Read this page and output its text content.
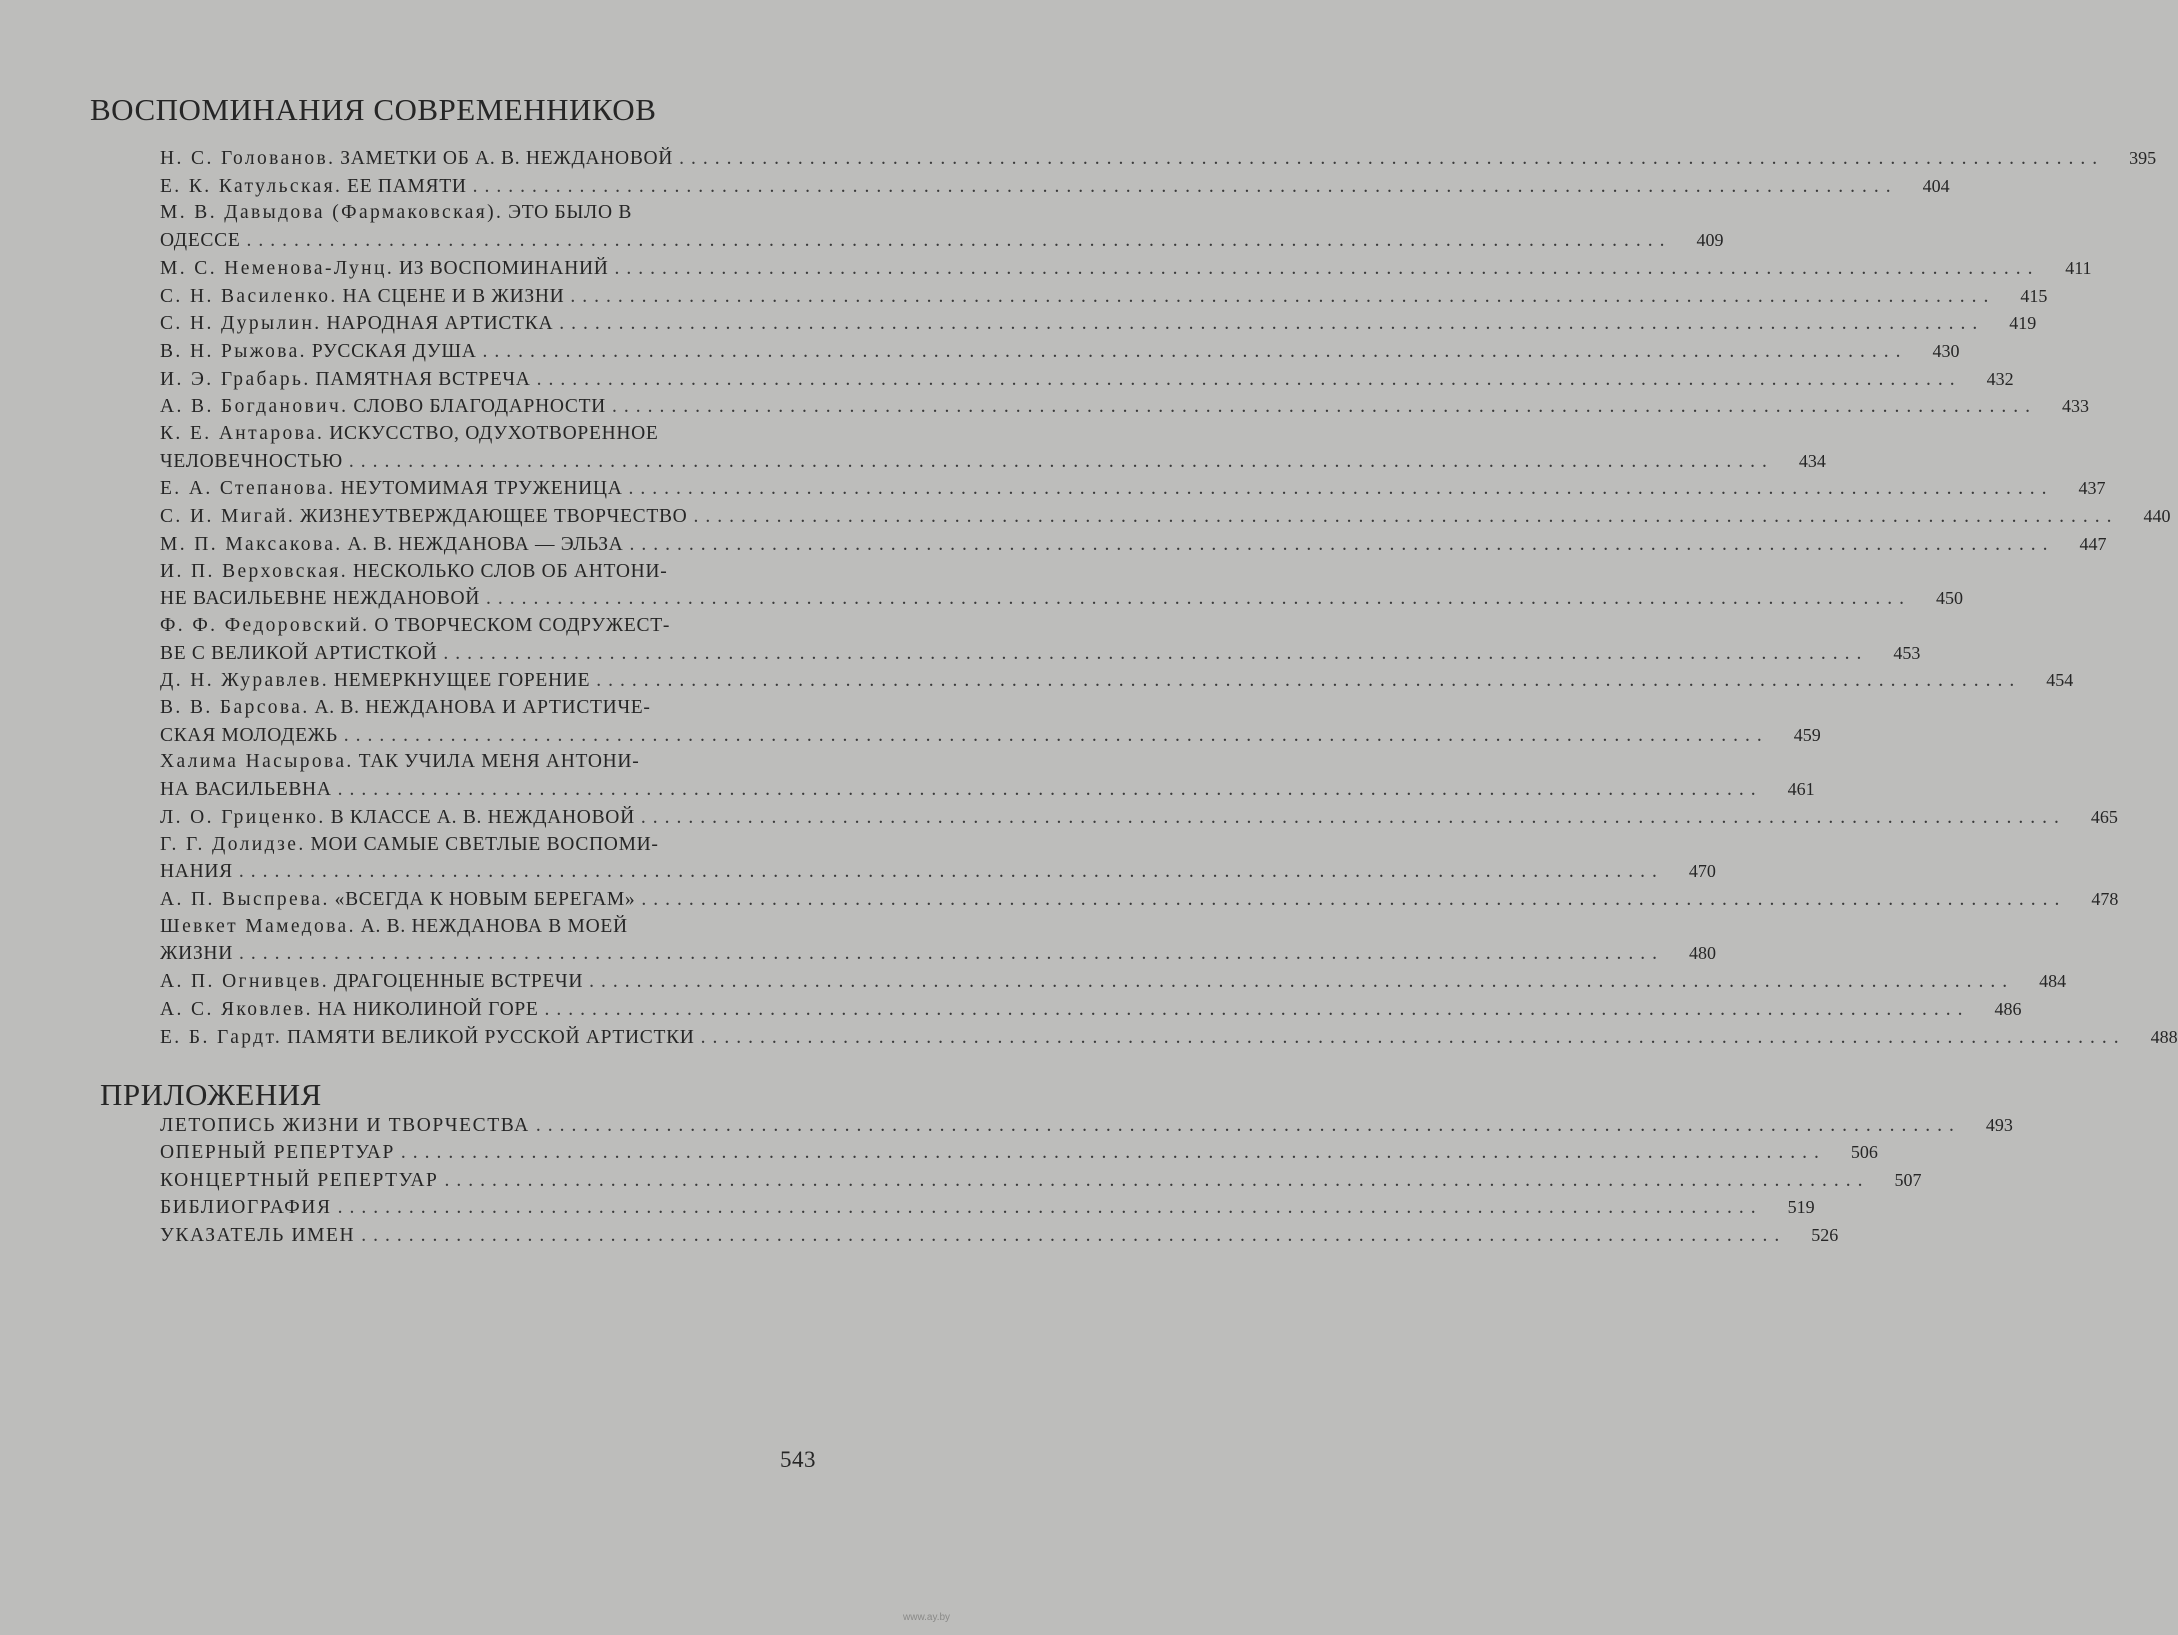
ВОСПОМИНАНИЯ СОВРЕМЕННИКОВ
Н. С. Голованов. ЗАМЕТКИ ОБ А. В. НЕЖДАНОВОЙ ........................................................................................................................	395
Е. К. Катульская. ЕЕ ПАМЯТИ ........................................................................................................................	404
М. В. Давыдова (Фармаковская). ЭТО БЫЛО В
ОДЕССЕ ........................................................................................................................	409
М. С. Неменова-Лунц. ИЗ ВОСПОМИНАНИЙ ........................................................................................................................	411
С. Н. Василенко. НА СЦЕНЕ И В ЖИЗНИ ........................................................................................................................	415
С. Н. Дурылин. НАРОДНАЯ АРТИСТКА ........................................................................................................................	419
В. Н. Рыжова. РУССКАЯ ДУША ........................................................................................................................	430
И. Э. Грабарь. ПАМЯТНАЯ ВСТРЕЧА ........................................................................................................................	432
А. В. Богданович. СЛОВО БЛАГОДАРНОСТИ ........................................................................................................................	433
К. Е. Антарова. ИСКУССТВО, ОДУХОТВОРЕННОЕ
ЧЕЛОВЕЧНОСТЬЮ ........................................................................................................................	434
Е. А. Степанова. НЕУТОМИМАЯ ТРУЖЕНИЦА ........................................................................................................................	437
С. И. Мигай. ЖИЗНЕУТВЕРЖДАЮЩЕЕ ТВОРЧЕСТВО ........................................................................................................................	440
М. П. Максакова. А. В. НЕЖДАНОВА — ЭЛЬЗА ........................................................................................................................	447
И. П. Верховская. НЕСКОЛЬКО СЛОВ ОБ АНТОНИ-
НЕ ВАСИЛЬЕВНЕ НЕЖДАНОВОЙ ........................................................................................................................	450
Ф. Ф. Федоровский. О ТВОРЧЕСКОМ СОДРУЖЕСТ-
ВЕ С ВЕЛИКОЙ АРТИСТКОЙ ........................................................................................................................	453
Д. Н. Журавлев. НЕМЕРКНУЩЕЕ ГОРЕНИЕ ........................................................................................................................	454
В. В. Барсова. А. В. НЕЖДАНОВА И АРТИСТИЧЕ-
СКАЯ МОЛОДЕЖЬ ........................................................................................................................	459
Халима Насырова. ТАК УЧИЛА МЕНЯ АНТОНИ-
НА ВАСИЛЬЕВНА ........................................................................................................................	461
Л. О. Гриценко. В КЛАССЕ А. В. НЕЖДАНОВОЙ ........................................................................................................................	465
Г. Г. Долидзе. МОИ САМЫЕ СВЕТЛЫЕ ВОСПОМИ-
НАНИЯ ........................................................................................................................	470
А. П. Выспрева. «ВСЕГДА К НОВЫМ БЕРЕГАМ» ........................................................................................................................	478
Шевкет Мамедова. А. В. НЕЖДАНОВА В МОЕЙ
ЖИЗНИ ........................................................................................................................	480
А. П. Огнивцев. ДРАГОЦЕННЫЕ ВСТРЕЧИ ........................................................................................................................	484
А. С. Яковлев. НА НИКОЛИНОЙ ГОРЕ ........................................................................................................................	486
Е. Б. Гардт. ПАМЯТИ ВЕЛИКОЙ РУССКОЙ АРТИСТКИ ........................................................................................................................	488
ПРИЛОЖЕНИЯ
ЛЕТОПИСЬ ЖИЗНИ И ТВОРЧЕСТВА ........................................................................................................................	493
ОПЕРНЫЙ РЕПЕРТУАР ........................................................................................................................	506
КОНЦЕРТНЫЙ РЕПЕРТУАР ........................................................................................................................	507
БИБЛИОГРАФИЯ ........................................................................................................................	519
УКАЗАТЕЛЬ ИМЕН ........................................................................................................................	526
543
www.ay.by
